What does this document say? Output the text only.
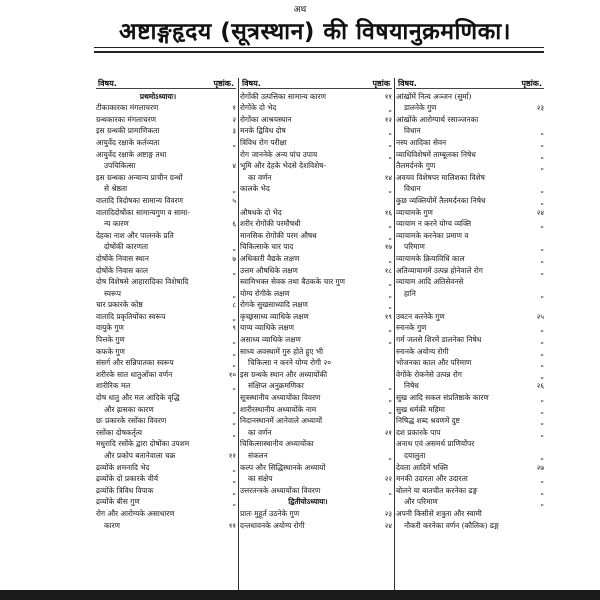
अथ
अष्टाङ्गहृदय (सूत्रस्थान) की विषयानुक्रमणिका।
विषय.	पृष्ठांक.
प्रथमोऽध्यायः।
टीकाकारका मंगलाचरण	१
ग्रन्थकारका मंगलाचरण	२
इस ग्रन्थकी प्रामाणिकता	३
आयुर्वेद रक्षाके कर्तव्यता	„
आयुर्वेद रक्षाके अष्टाङ्ग तथा
उपचिकित्सा	४
इस ग्रन्थका अन्यान्य प्राचीन ग्रन्थों
से श्रेष्ठता	„
वातादि त्रिदोषका सामान्य विवरण	५
वातादिदोषोंका सामान्यगुण व सामा-
न्य कारण	६
देहका नाश और पालनके प्रति
दोषोंकी कारणता	„
दोषोंके निवास स्थान	७
दोषोंके निवास काल	„
दोष विशेषसे आहारादिका विशेषादि
स्वरूप	„
चार प्रकारके कोष्ठ	८
वातादि प्रकृतियोंका स्वरूप	„
वायुके गुण	९
पित्तके गुण	„
कफके गुण	„
संसर्ग और सन्निपातका स्वरूप	„
शरीरके सात धातुओंका वर्णन	१०
शारीरिक मल	„
दोष धातु और मल आदिके वृद्धि
और ह्रासका कारण	„
छः प्रकारके रसोंका विवरण	„
रसोंका दोषकर्तृत्व	„
मधुरादि रसोंके द्वारा दोषोंका उपशम
और प्रकोप बतानेवाला चक्र	११
द्रव्योंके शमनादि भेद	„
द्रव्योंके दो प्रकारके वीर्य	„
द्रव्योंके त्रिविध विपाक	„
द्रव्योंके बीस गुण	„
रोग और आरोग्यके असाधारण
कारण	११
विषय.	पृष्ठांक
रोगोंकी उत्पत्तिका सामान्य कारण	११
रोगोंके दो भेद	„
रोगोंका आश्रयस्थान	१२
मनके द्विविध दोष	„
त्रिविध रोग परीक्षा	„
रोग जाननेके अन्य पांच उपाय	„
भूमि और देहके भेदसे देशविशेष-
का वर्णन	१४
कालके भेद	„
औषधके दो भेद	१६
शरीर रोगोंकी परमौषधी	„
मानसिक रोगोंकी परम औषध	„
चिकित्साके चार पाद	१७
अधिकारी वैद्यके लक्षण	„
उत्तम औषधिके लक्षण	१८
स्वामिभक्त सेवक तथा बैठकके चार गुण	„
योग्य रोगीके लक्षण	„
रोगके सुखसाध्यादि लक्षण	„
कृच्छ्रसाध्य व्याधिके लक्षण	१९
याप्य व्याधिके लक्षण	„
असाध्य व्याधिके लक्षण	„
साध्य अवस्थामें गुरु होते हुए भी
चिकित्सा न करने योग्य रोगी २०
इस ग्रन्थके स्थान और अध्यायोंकी
संक्षिप्त अनुक्रमणिका	„
सूत्रस्थानीय अध्यायोंका विवरण	„
शारीरस्थानीय अध्यायोंके नाम	„
निदानस्थानमें आनेवाले अध्यायों
का वर्णन	२१
चिकित्सास्थानीय अध्यायोंका
संकलन	„
कल्प और सिद्धिस्थानके अध्यायों
का संक्षेप	२२
उत्तरतन्त्रके अध्यायोंका विवरण	„
द्वितीयोऽध्यायः।
प्रातः मुहूर्त उठनेके गुण	२३
दन्तधावनके अयोग्य रोगी	२४
विषय.	पृष्ठांक.
आंखोंमें नित्य अञ्जन (सुर्मा)
डालनेके गुण	२३
आंखोंके आरोग्यार्थ रसाञ्जनका
विधान	„
नस्य आदिका सेवन	„
व्याधिविशेषमें ताम्बूलका निषेध	„
तैलमर्दनके गुण	„
अवयव विशेषपर मालिशका विशेष
विधान	„
कुछ व्यक्तियोंमें तैलमर्दनका निषेध	„
व्यायामके गुण	२४
व्यायाम न करने योग्य व्यक्ति	„
व्यायामके करनेका प्रमाण व
परिमाण	„
व्यायामके क्रियाविधि काल	„
अतिव्यायाममें उत्पन्न होनेवाले रोग	„
व्यायाम आदि अतिसेवनसे
हानि	„
उबटन करनेके गुण	२५
स्नानके गुण	„
गर्म जलसे शिरमें डालनेका निषेध	„
स्नानके अयोग्य रोगी	„
भोजनका काल और परिमाण	„
वेगोंके रोकनेसे उत्पन्न रोग	„
निषेध	२६
सुख आदि सकल संप्रतिष्ठाके कारण	„
सुख धर्मकी महिमा	„
निषिद्ध शब्द श्रवणमें दुष्ट	„
दश प्रकारके पाप	„
अनाथ एवं असमर्थ प्राणियोंपर
दयालुता	„
देवता आदिमें भक्ति	२७
मनकी उदारता और उदारता	„
बोलने या बातचीत करनेका ढङ्ग	„
और परिमाण	„
अपनी किसीसे शत्रुता और स्वामी
नौकरी करनेका वर्णन (कौलिक) ढङ्ग
